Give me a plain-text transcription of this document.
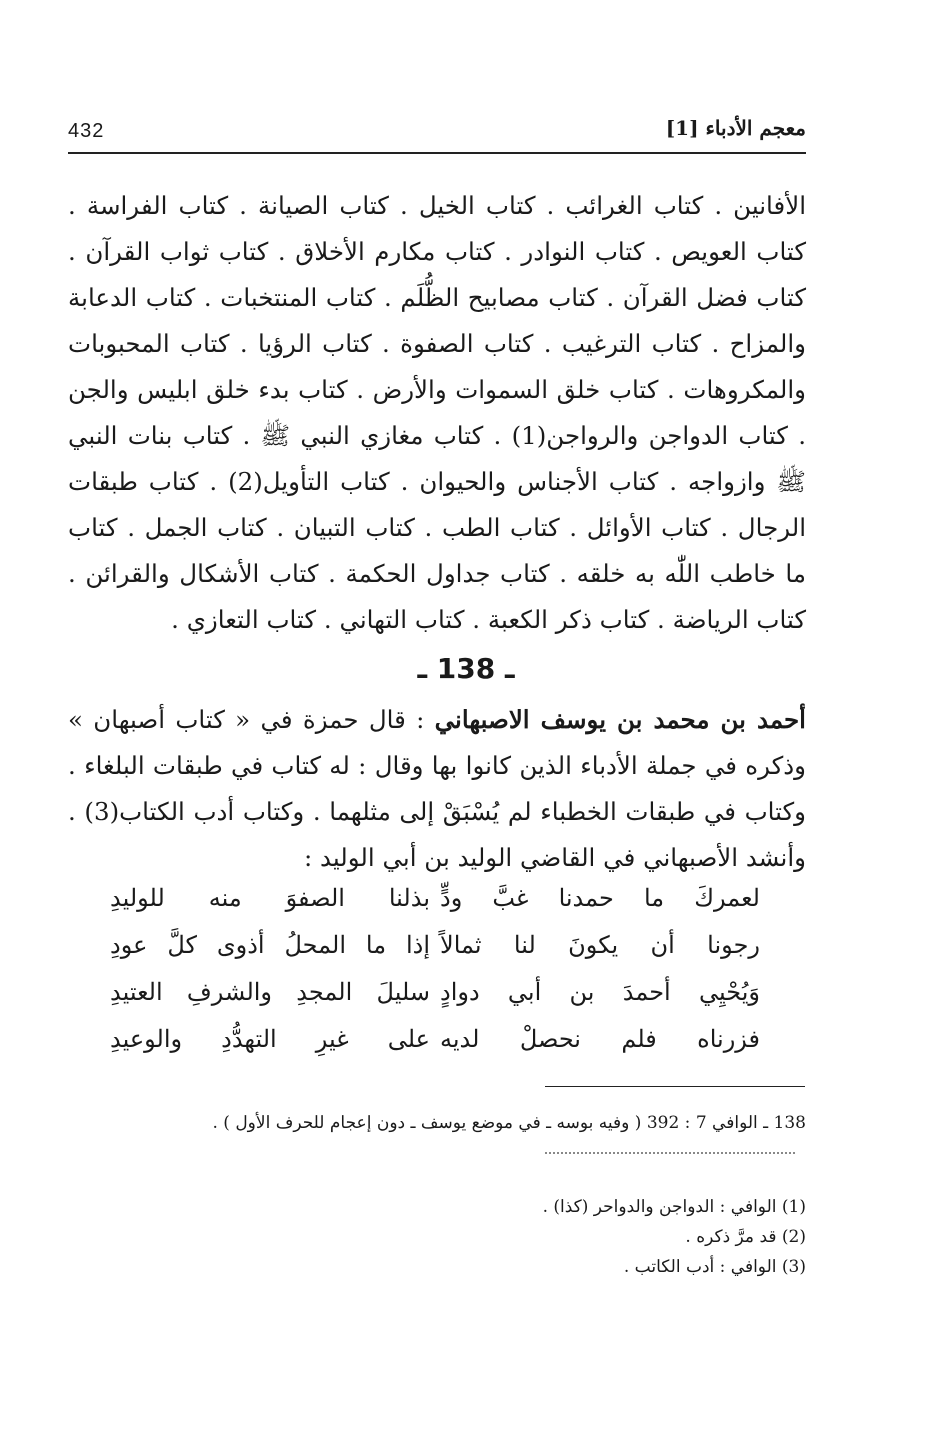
432	معجم الأدباء [1]

الأفانين . كتاب الغرائب . كتاب الخيل . كتاب الصيانة . كتاب الفراسة . كتاب العويص . كتاب النوادر . كتاب مكارم الأخلاق . كتاب ثواب القرآن . كتاب فضل القرآن . كتاب مصابيح الظُّلَم . كتاب المنتخبات . كتاب الدعابة والمزاح . كتاب الترغيب . كتاب الصفوة . كتاب الرؤيا . كتاب المحبوبات والمكروهات . كتاب خلق السموات والأرض . كتاب بدء خلق ابليس والجن . كتاب الدواجن والرواجن(1) . كتاب مغازي النبي ﷺ . كتاب بنات النبي ﷺ وازواجه . كتاب الأجناس والحيوان . كتاب التأويل(2) . كتاب طبقات الرجال . كتاب الأوائل . كتاب الطب . كتاب التبيان . كتاب الجمل . كتاب ما خاطب اللّٰه به خلقه . كتاب جداول الحكمة . كتاب الأشكال والقرائن . كتاب الرياضة . كتاب ذكر الكعبة . كتاب التهاني . كتاب التعازي .

ـ 138 ـ

أحمد بن محمد بن يوسف الاصبهاني : قال حمزة في « كتاب أصبهان » وذكره في جملة الأدباء الذين كانوا بها وقال : له كتاب في طبقات البلغاء . وكتاب في طبقات الخطباء لم يُسْبَقْ إلى مثلهما . وكتاب أدب الكتاب(3) . وأنشد الأصبهاني في القاضي الوليد بن أبي الوليد :

لعمركَ ما حمدنا غبَّ ودٍّ
بذلنا الصفوَ منه للوليدِ
رجونا أن يكونَ لنا ثمالاً
إذا ما المحلُ أذوى كلَّ عودِ
وَيُحْيِي أحمدَ بن أبي دوادٍ
سليلَ المجدِ والشرفِ العتيدِ
فزرناه فلم نحصلْ لديه
على غيرِ التهدُّدِ والوعيدِ
138 ـ الوافي 7 : 392 ( وفيه بوسه ـ في موضع يوسف ـ دون إعجام للحرف الأول ) .
(1) الوافي : الدواجن والدواحر (كذا) .
(2) قد مرَّ ذكره .
(3) الوافي : أدب الكاتب .
